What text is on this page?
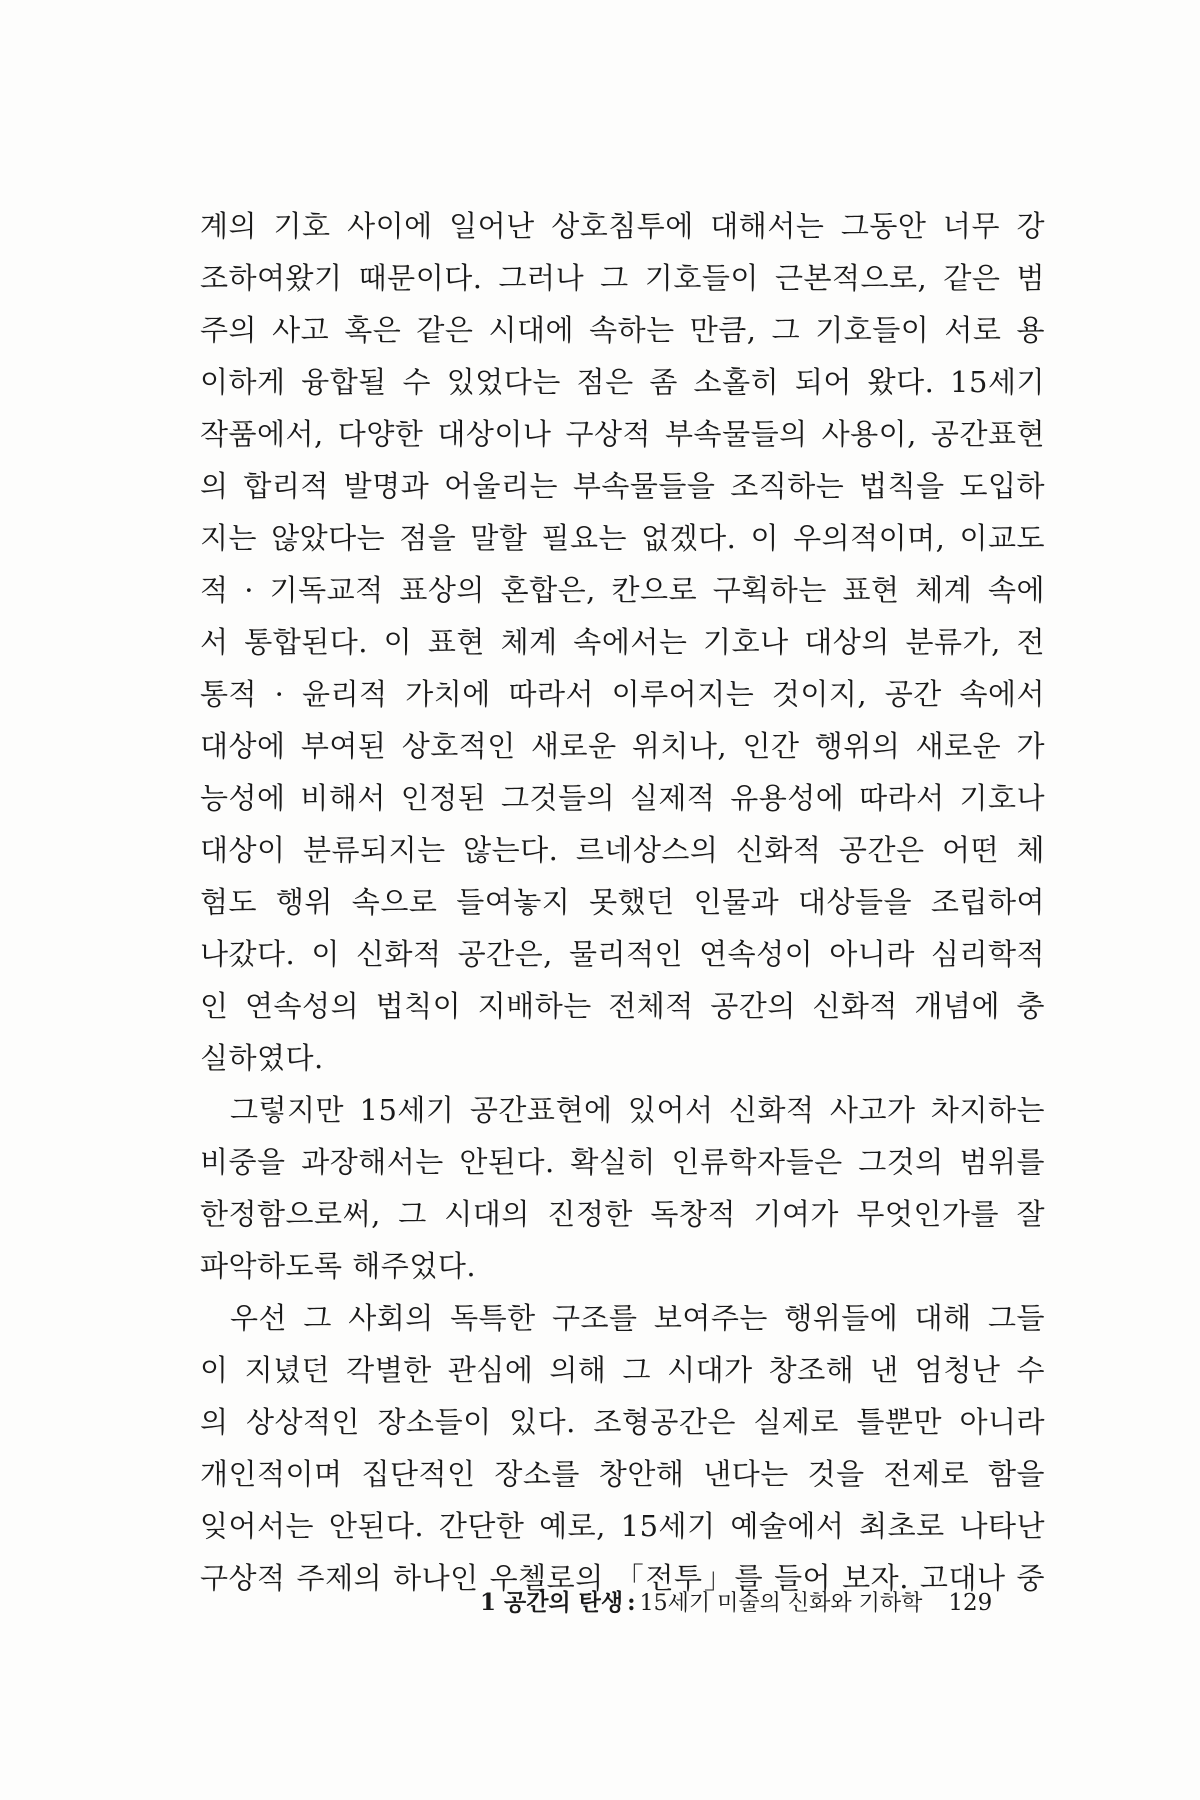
계의 기호 사이에 일어난 상호침투에 대해서는 그동안 너무 강
조하여왔기 때문이다. 그러나 그 기호들이 근본적으로, 같은 범
주의 사고 혹은 같은 시대에 속하는 만큼, 그 기호들이 서로 용
이하게 융합될 수 있었다는 점은 좀 소홀히 되어 왔다. 15세기
작품에서, 다양한 대상이나 구상적 부속물들의 사용이, 공간표현
의 합리적 발명과 어울리는 부속물들을 조직하는 법칙을 도입하
지는 않았다는 점을 말할 필요는 없겠다. 이 우의적이며, 이교도
적 · 기독교적 표상의 혼합은, 칸으로 구획하는 표현 체계 속에
서 통합된다. 이 표현 체계 속에서는 기호나 대상의 분류가, 전
통적 · 윤리적 가치에 따라서 이루어지는 것이지, 공간 속에서
대상에 부여된 상호적인 새로운 위치나, 인간 행위의 새로운 가
능성에 비해서 인정된 그것들의 실제적 유용성에 따라서 기호나
대상이 분류되지는 않는다. 르네상스의 신화적 공간은 어떤 체
험도 행위 속으로 들여놓지 못했던 인물과 대상들을 조립하여
나갔다. 이 신화적 공간은, 물리적인 연속성이 아니라 심리학적
인 연속성의 법칙이 지배하는 전체적 공간의 신화적 개념에 충
실하였다.
그렇지만 15세기 공간표현에 있어서 신화적 사고가 차지하는
비중을 과장해서는 안된다. 확실히 인류학자들은 그것의 범위를
한정함으로써, 그 시대의 진정한 독창적 기여가 무엇인가를 잘
파악하도록 해주었다.
우선 그 사회의 독특한 구조를 보여주는 행위들에 대해 그들
이 지녔던 각별한 관심에 의해 그 시대가 창조해 낸 엄청난 수
의 상상적인 장소들이 있다. 조형공간은 실제로 틀뿐만 아니라
개인적이며 집단적인 장소를 창안해 낸다는 것을 전제로 함을
잊어서는 안된다. 간단한 예로, 15세기 예술에서 최초로 나타난
구상적 주제의 하나인 우첼로의 「전투」를 들어 보자. 고대나 중
1 공간의 탄생 : 15세기 미술의 신화와 기하학 129
